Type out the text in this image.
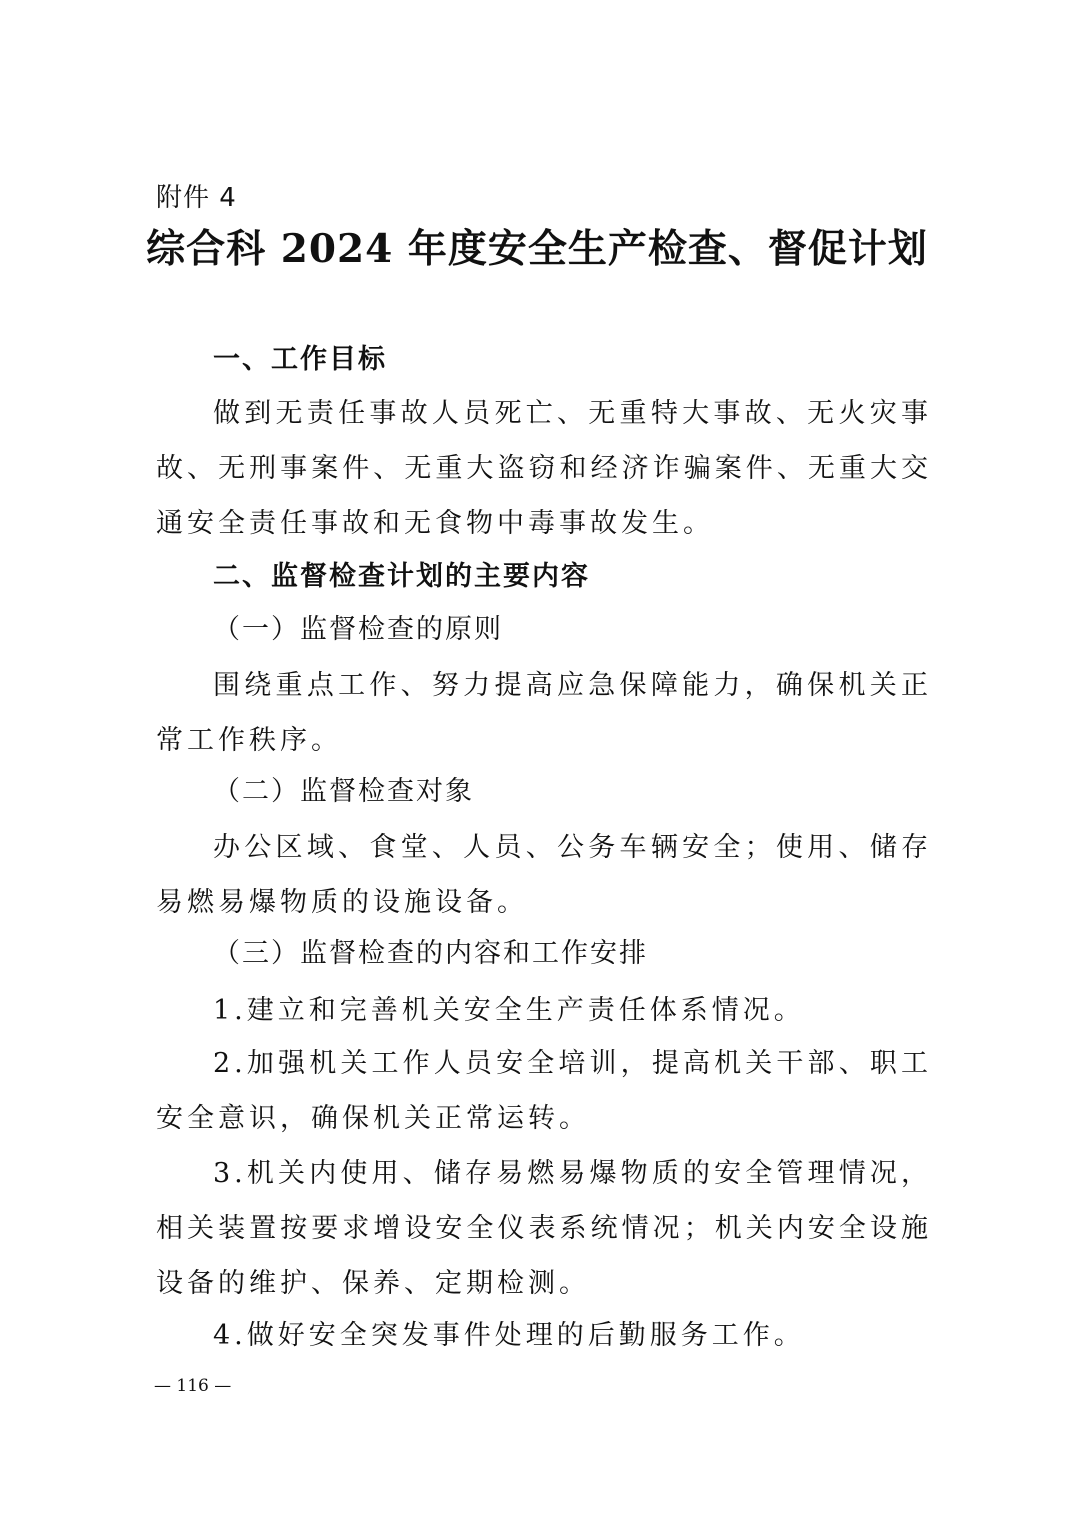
附件 4
综合科 2024 年度安全生产检查、督促计划
一、工作目标

做到无责任事故人员死亡、无重特大事故、无火灾事故、无刑事案件、无重大盗窃和经济诈骗案件、无重大交通安全责任事故和无食物中毒事故发生。

二、监督检查计划的主要内容
（一）监督检查的原则

围绕重点工作、努力提高应急保障能力，确保机关正常工作秩序。

（二）监督检查对象

办公区域、食堂、人员、公务车辆安全；使用、储存易燃易爆物质的设施设备。

（三）监督检查的内容和工作安排

1.建立和完善机关安全生产责任体系情况。

2.加强机关工作人员安全培训，提高机关干部、职工安全意识，确保机关正常运转。

3.机关内使用、储存易燃易爆物质的安全管理情况，相关装置按要求增设安全仪表系统情况；机关内安全设施设备的维护、保养、定期检测。

4.做好安全突发事件处理的后勤服务工作。

— 116 —
